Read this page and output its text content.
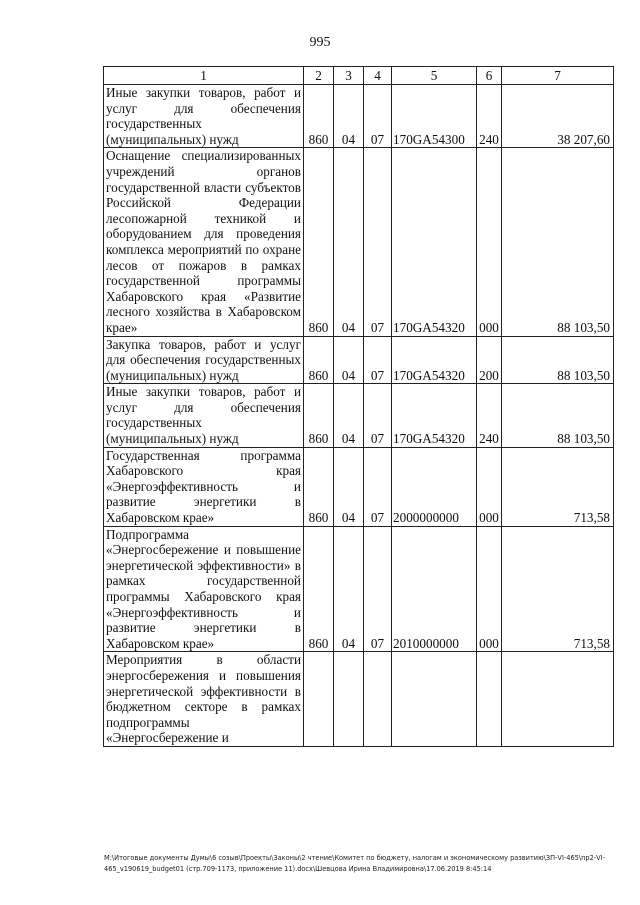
995
1	2	3	4	5	6	7

Иные закупки товаров, работ и услуг для обеспечения государственных (муниципальных) нужд	860	04	07	170GA54300	240	38 207,60

Оснащение специализированных учреждений органов государственной власти субъектов Российской Федерации лесопожарной техникой и оборудованием для проведения комплекса мероприятий по охране лесов от пожаров в рамках государственной программы Хабаровского края «Развитие лесного хозяйства в Хабаровском крае»	860	04	07	170GA54320	000	88 103,50

Закупка товаров, работ и услуг для обеспечения государственных (муниципальных) нужд	860	04	07	170GA54320	200	88 103,50

Иные закупки товаров, работ и услуг для обеспечения государственных (муниципальных) нужд	860	04	07	170GA54320	240	88 103,50

Государственная программа Хабаровского края «Энергоэффективность и развитие энергетики в Хабаровском крае»	860	04	07	2000000000	000	713,58

Подпрограмма «Энергосбережение и повышение энергетической эффективности» в рамках государственной программы Хабаровского края «Энергоэффективность и развитие энергетики в Хабаровском крае»	860	04	07	2010000000	000	713,58

Мероприятия в области энергосбережения и повышения энергетической эффективности в бюджетном секторе в рамках подпрограммы «Энергосбережение и						

М:\Итоговые документы Думы\6 созыв\Проекты\Законы\2 чтение\Комитет по бюджету, налогам и экономическому развитию\ЗП-VI-465\пр2-VI-
465_v190619_budget01 (стр.709-1173, приложение 11).docx\Шевцова Ирина Владимировна\17.06.2019 8:45:14
